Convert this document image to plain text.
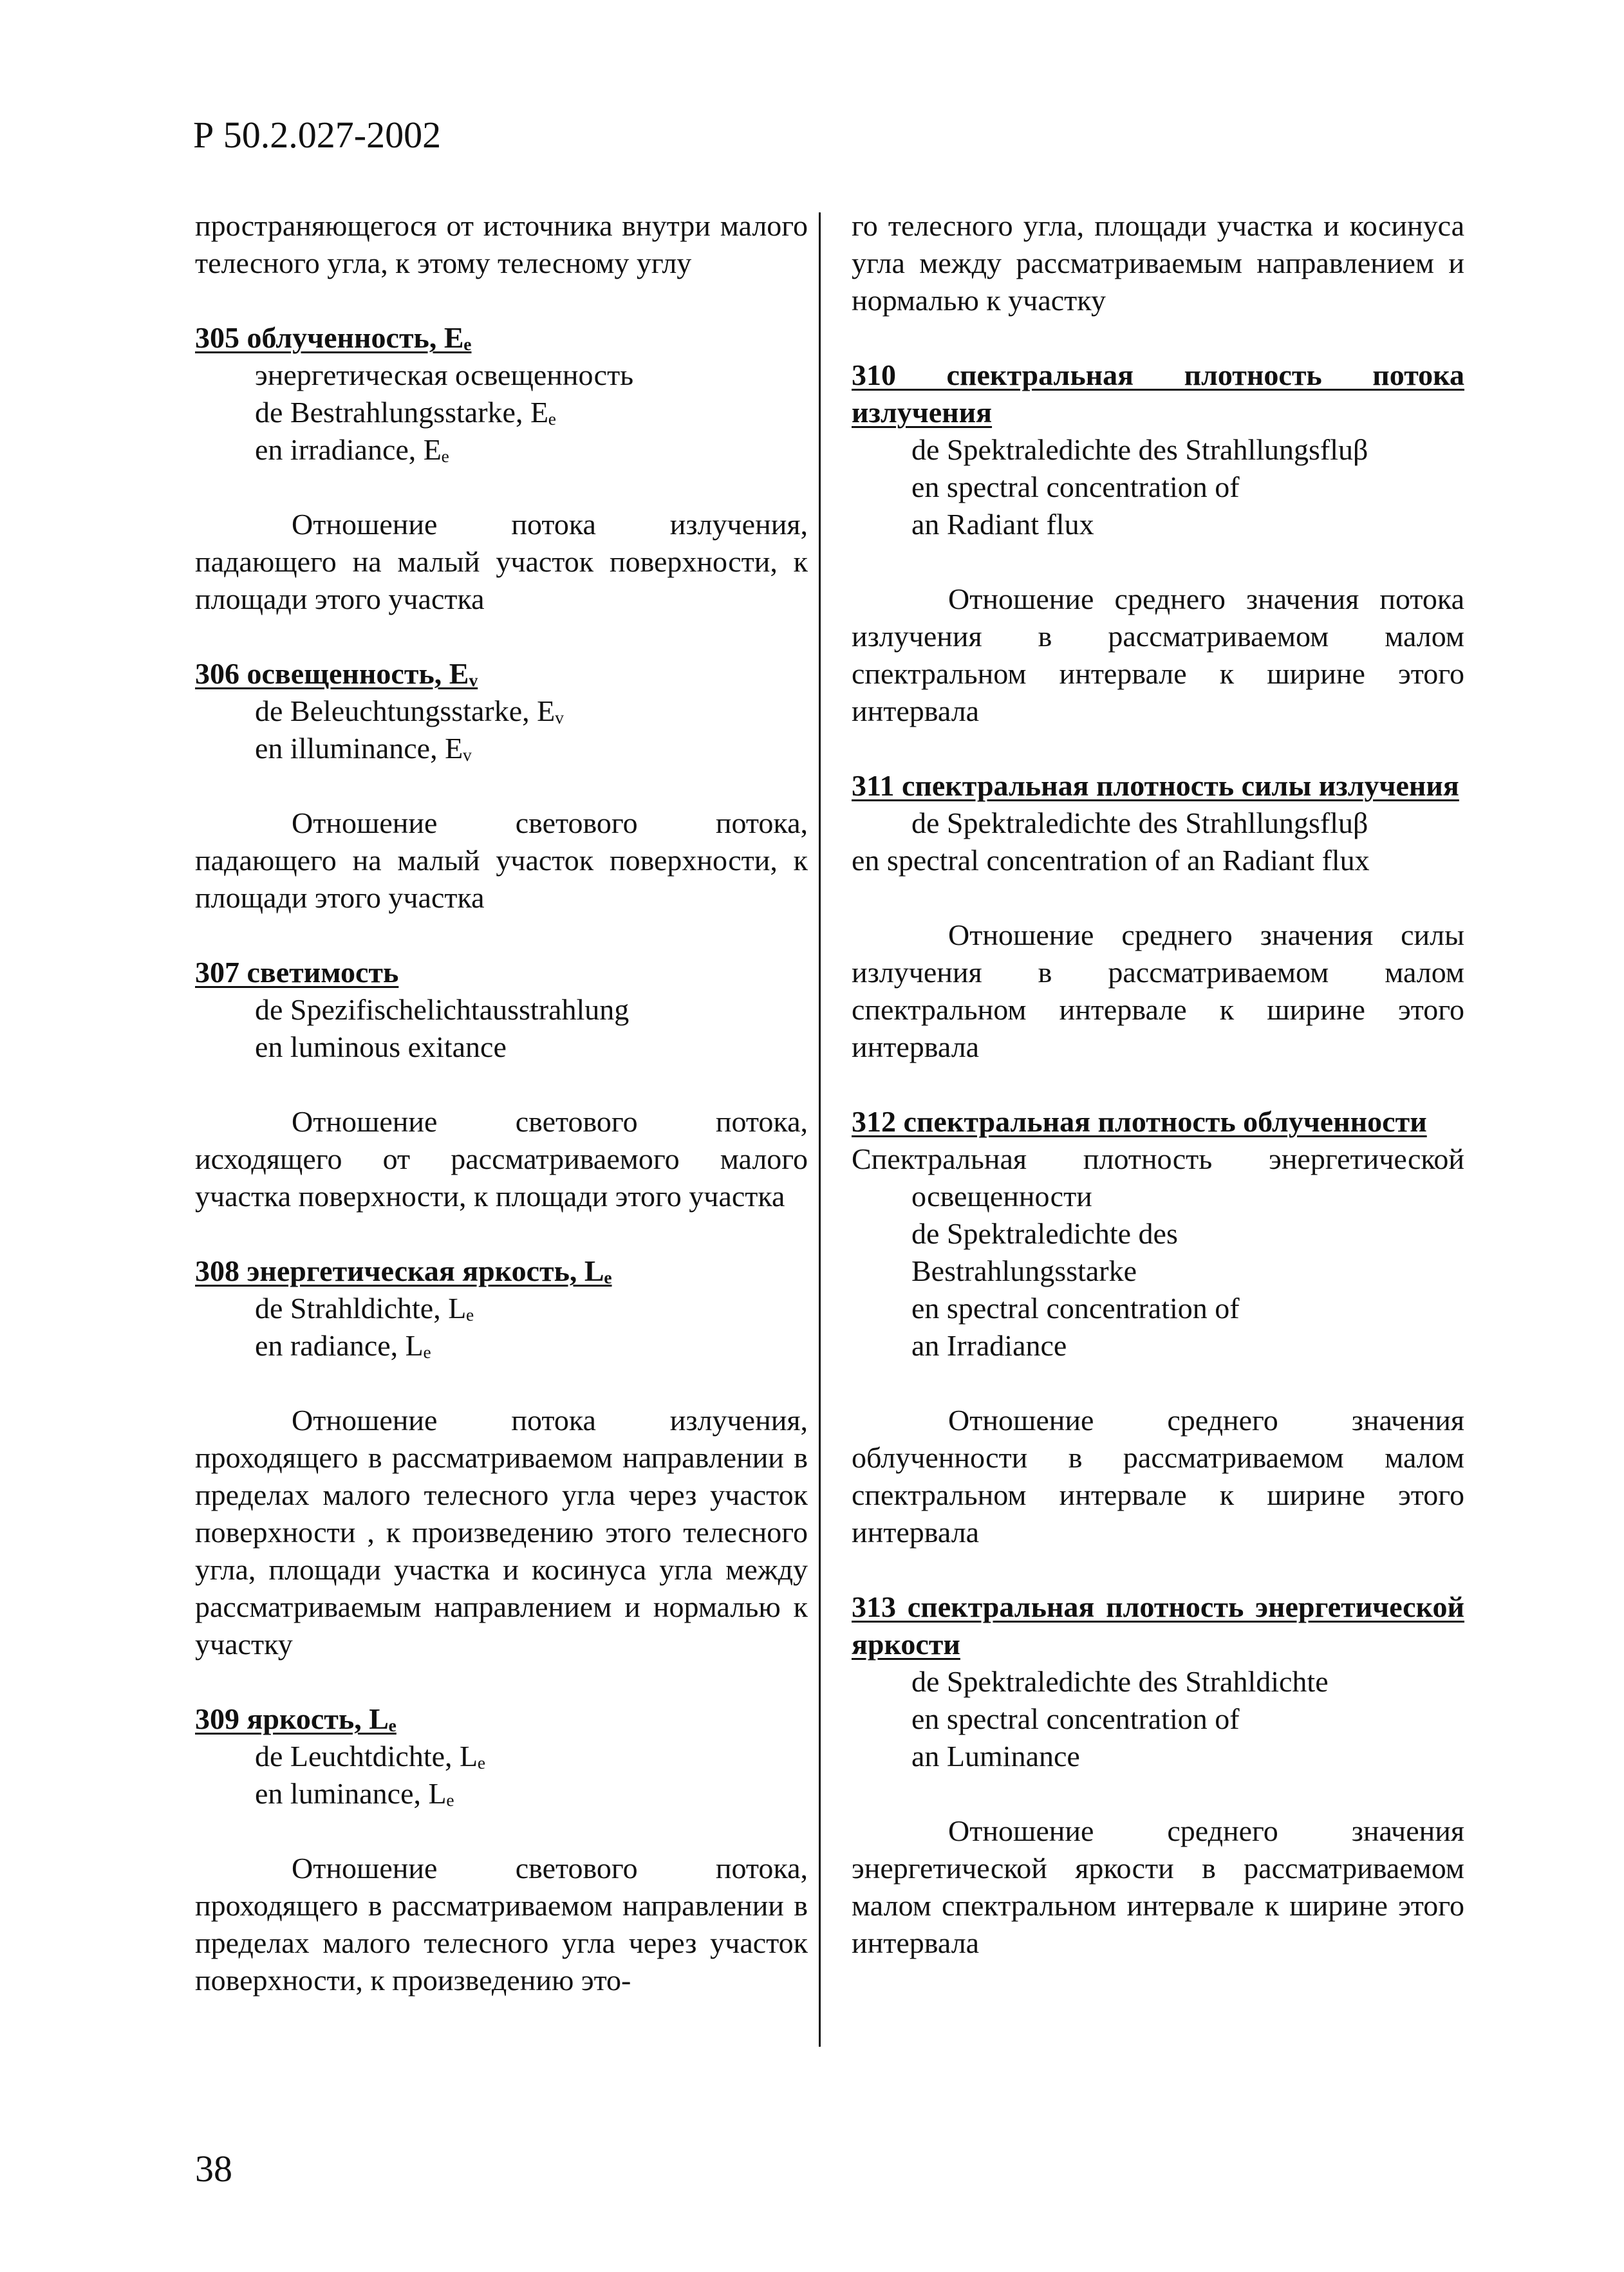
Р 50.2.027-2002

пространяющегося от источника внутри малого телесного угла, к этому телесному углу

305 облученность, Eₑ

энергетическая освещенность

de Bestrahlungsstarke, Eₑ

en irradiance, Eₑ

Отношение потока излучения, падающего на малый участок поверхности, к площади этого участка

306 освещенность, Eᵥ

de Beleuchtungsstarke, Eᵥ

en illuminance, Eᵥ

Отношение светового потока, падающего на малый участок поверхности, к площади этого участка

307 светимость

de Spezifischelichtausstrahlung

en luminous exitance

Отношение светового потока, исходящего от рассматриваемого малого участка поверхности, к площади этого участка

308 энергетическая яркость, Lₑ

de Strahldichte, Lₑ

en radiance, Lₑ

Отношение потока излучения, проходящего в рассматриваемом направлении в пределах малого телесного угла через участок поверхности , к произведению этого телесного угла, площади участка и косинуса угла между рассматриваемым направлением и нормалью к участку

309 яркость, Lₑ

de Leuchtdichte, Lₑ

en luminance, Lₑ

Отношение светового потока, проходящего в рассматриваемом направлении в пределах малого телесного угла через участок поверхности, к произведению это-

го телесного угла, площади участка и косинуса угла между рассматриваемым направлением и нормалью к участку

310 спектральная плотность потока излучения

de Spektraledichte des Strahllungsfluβ

en spectral concentration of

an Radiant flux

Отношение среднего значения потока излучения в рассматриваемом малом спектральном интервале к ширине этого интервала

311 спектральная плотность силы излучения

de Spektraledichte des Strahllungsfluβ

en spectral concentration of an Radiant flux

Отношение среднего значения силы излучения в рассматриваемом малом спектральном интервале к ширине этого интервала

312 спектральная плотность облученности

Спектральная плотность энергетической освещенности

de Spektraledichte des

Bestrahlungsstarke

en spectral concentration of

an Irradiance

Отношение среднего значения облученности в рассматриваемом малом спектральном интервале к ширине этого интервала

313 спектральная плотность энергетической яркости

de Spektraledichte des Strahldichte

en spectral concentration of

an Luminance

Отношение среднего значения энергетической яркости в рассматриваемом малом спектральном интервале к ширине этого интервала

38
